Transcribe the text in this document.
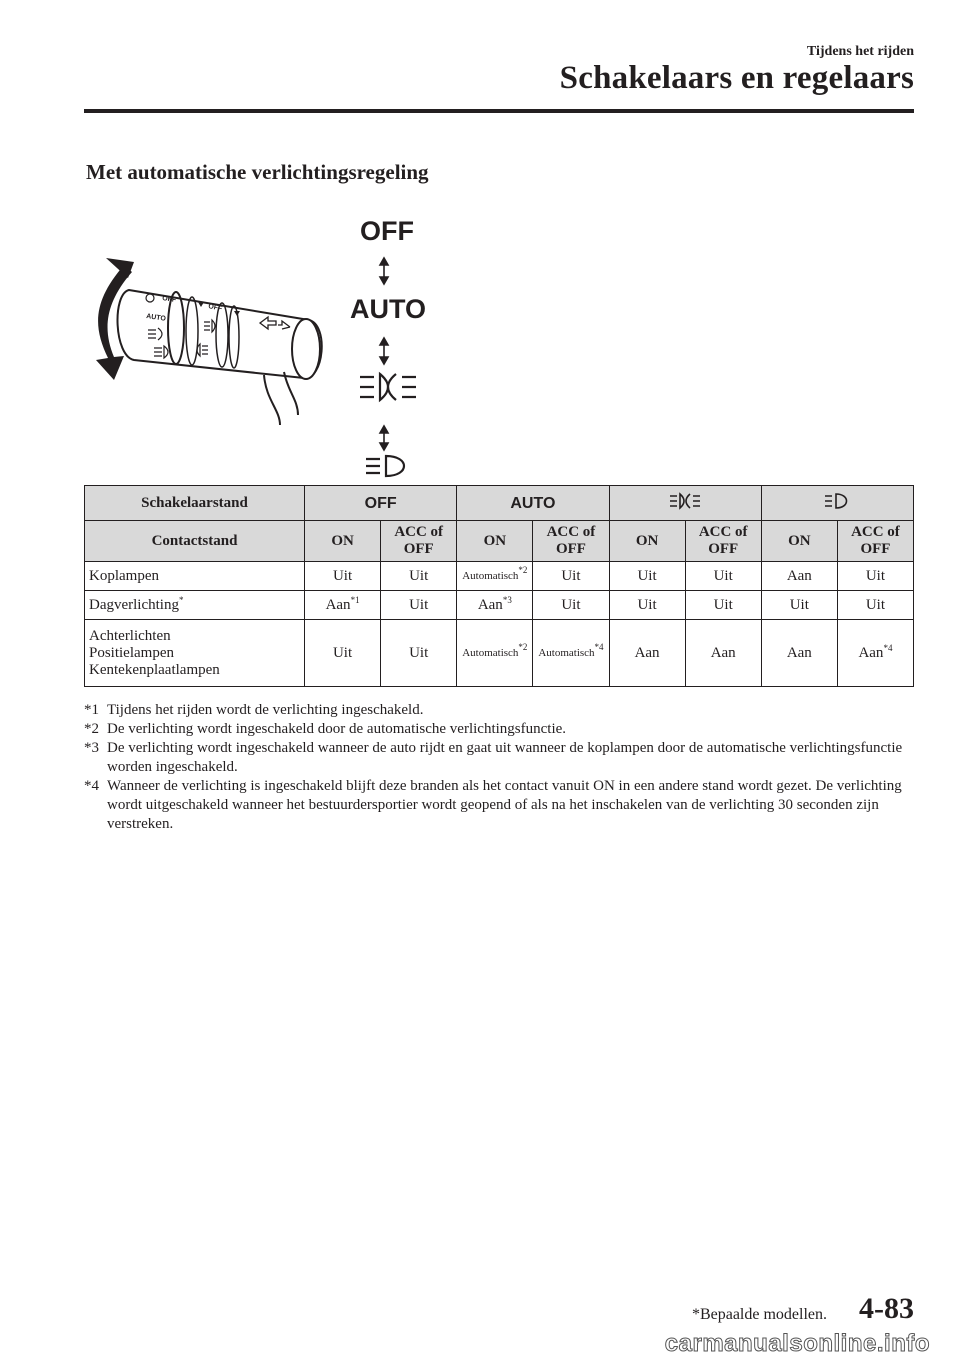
Tijdens het rijden
Schakelaars en regelaars
Met automatische verlichtingsregeling
OFF
AUTO
OFF
OFF
AUTO
Schakelaarstand	OFF		AUTO		
Contactstand	ON	ACC of OFF	ON	ACC of OFF	ON	ACC of OFF	ON	ACC of OFF
Koplampen	Uit	Uit	Automatisch$^{*2}$	Uit	Uit	Uit	Aan	Uit
Dagverlichting*	Aan$^{*1}$	Uit	Aan$^{*3}$	Uit	Uit	Uit	Uit	Uit

Achterlichten
Positielampen
Kentekenplaatlampen	Uit	Uit	Automatisch$^{*2}$	Automatisch$^{*4}$	Aan	Aan	Aan	Aan$^{*4}$
*1 Tijdens het rijden wordt de verlichting ingeschakeld.
*2 De verlichting wordt ingeschakeld door de automatische verlichtingsfunctie.
*3 De verlichting wordt ingeschakeld wanneer de auto rijdt en gaat uit wanneer de koplampen door de automatische verlichtingsfunctie worden ingeschakeld.
*4 Wanneer de verlichting is ingeschakeld blijft deze branden als het contact vanuit ON in een andere stand wordt gezet. De verlichting wordt uitgeschakeld wanneer het bestuurdersportier wordt geopend of als na het inschakelen van de verlichting 30 seconden zijn verstreken.
*Bepaalde modellen. 4-83
carmanualsonline.info
